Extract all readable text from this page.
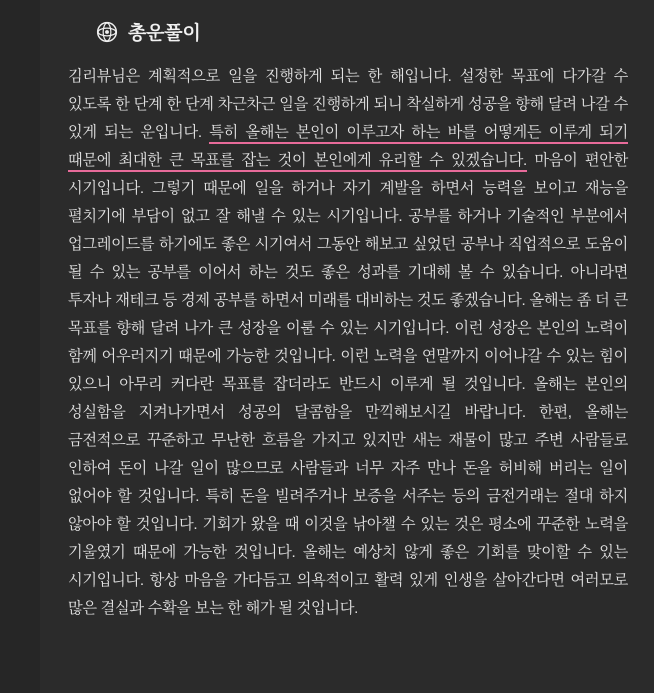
총운풀이

김리뷰님은 계획적으로 일을 진행하게 되는 한 해입니다. 설정한 목표에 다가갈 수 있도록 한 단계 한 단계 차근차근 일을 진행하게 되니 착실하게 성공을 향해 달려 나갈 수 있게 되는 운입니다. 특히 올해는 본인이 이루고자 하는 바를 어떻게든 이루게 되기 때문에 최대한 큰 목표를 잡는 것이 본인에게 유리할 수 있겠습니다. 마음이 편안한 시기입니다. 그렇기 때문에 일을 하거나 자기 계발을 하면서 능력을 보이고 재능을 펼치기에 부담이 없고 잘 해낼 수 있는 시기입니다. 공부를 하거나 기술적인 부분에서 업그레이드를 하기에도 좋은 시기여서 그동안 해보고 싶었던 공부나 직업적으로 도움이 될 수 있는 공부를 이어서 하는 것도 좋은 성과를 기대해 볼 수 있습니다. 아니라면 투자나 재테크 등 경제 공부를 하면서 미래를 대비하는 것도 좋겠습니다. 올해는 좀 더 큰 목표를 향해 달려 나가 큰 성장을 이룰 수 있는 시기입니다. 이런 성장은 본인의 노력이 함께 어우러지기 때문에 가능한 것입니다. 이런 노력을 연말까지 이어나갈 수 있는 힘이 있으니 아무리 커다란 목표를 잡더라도 반드시 이루게 될 것입니다. 올해는 본인의 성실함을 지켜나가면서 성공의 달콤함을 만끽해보시길 바랍니다. 한편, 올해는 금전적으로 꾸준하고 무난한 흐름을 가지고 있지만 새는 재물이 많고 주변 사람들로 인하여 돈이 나갈 일이 많으므로 사람들과 너무 자주 만나 돈을 허비해 버리는 일이 없어야 할 것입니다. 특히 돈을 빌려주거나 보증을 서주는 등의 금전거래는 절대 하지 않아야 할 것입니다. 기회가 왔을 때 이것을 낚아챌 수 있는 것은 평소에 꾸준한 노력을 기울였기 때문에 가능한 것입니다. 올해는 예상치 않게 좋은 기회를 맞이할 수 있는 시기입니다. 항상 마음을 가다듬고 의욕적이고 활력 있게 인생을 살아간다면 여러모로 많은 결실과 수확을 보는 한 해가 될 것입니다.
